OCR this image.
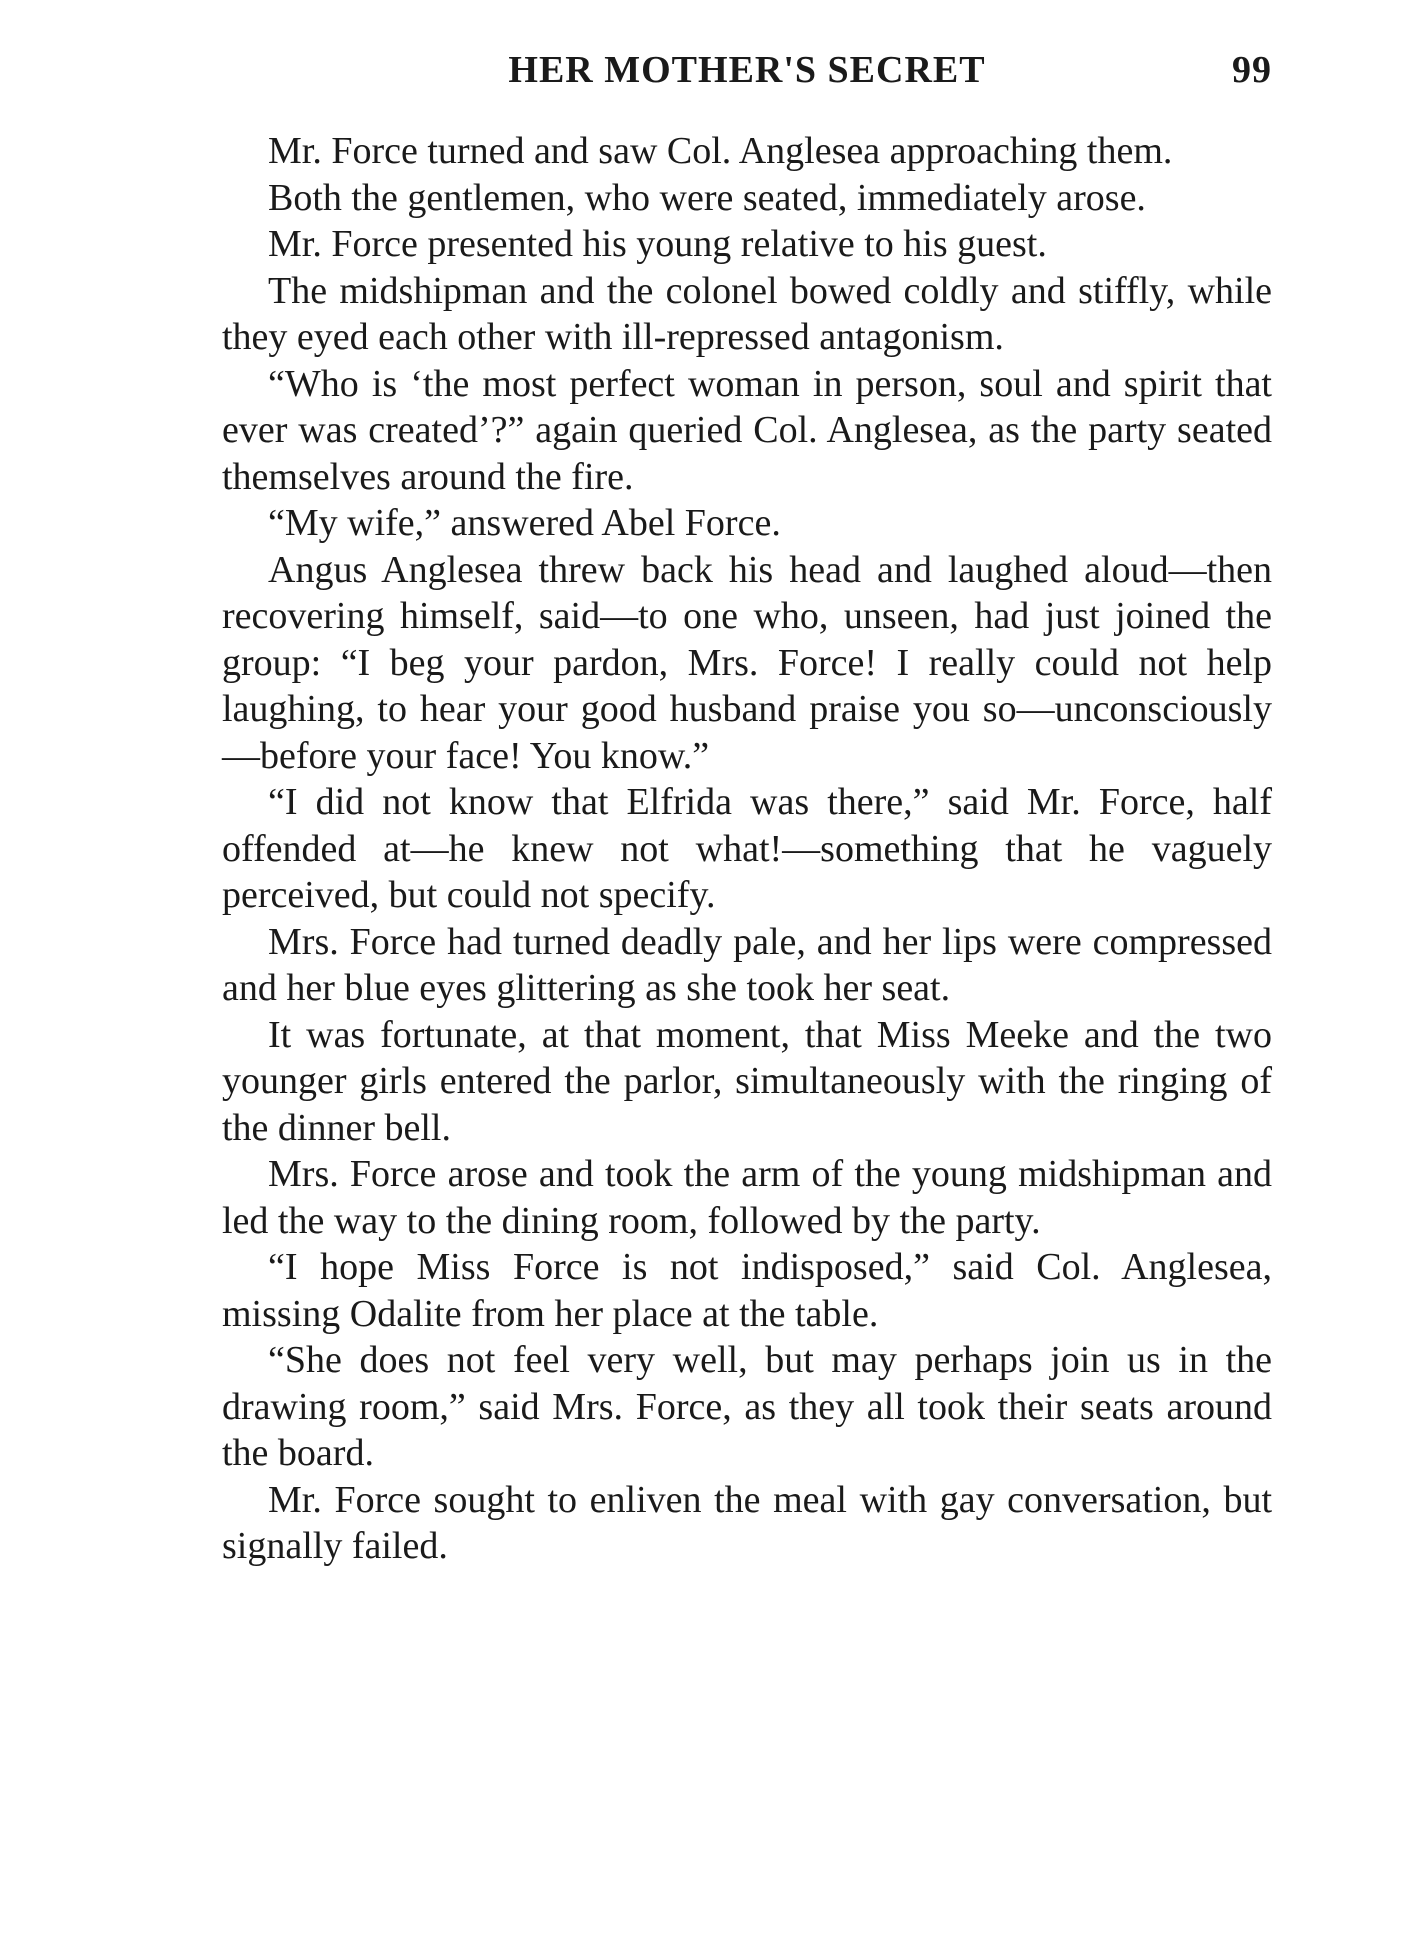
HER MOTHER'S SECRET	99

Mr. Force turned and saw Col. Anglesea approaching them.

Both the gentlemen, who were seated, immediately arose.

Mr. Force presented his young relative to his guest.

The midshipman and the colonel bowed coldly and stiffly, while they eyed each other with ill-repressed antagonism.

“Who is ‘the most perfect woman in person, soul and spirit that ever was created’?” again queried Col. Anglesea, as the party seated themselves around the fire.

“My wife,” answered Abel Force.

Angus Anglesea threw back his head and laughed aloud—then recovering himself, said—to one who, unseen, had just joined the group: “I beg your pardon, Mrs. Force! I really could not help laughing, to hear your good husband praise you so—unconsciously—before your face! You know.”

“I did not know that Elfrida was there,” said Mr. Force, half offended at—he knew not what!—something that he vaguely perceived, but could not specify.

Mrs. Force had turned deadly pale, and her lips were compressed and her blue eyes glittering as she took her seat.

It was fortunate, at that moment, that Miss Meeke and the two younger girls entered the parlor, simultaneously with the ringing of the dinner bell.

Mrs. Force arose and took the arm of the young midshipman and led the way to the dining room, followed by the party.

“I hope Miss Force is not indisposed,” said Col. Anglesea, missing Odalite from her place at the table.

“She does not feel very well, but may perhaps join us in the drawing room,” said Mrs. Force, as they all took their seats around the board.

Mr. Force sought to enliven the meal with gay conversation, but signally failed.
